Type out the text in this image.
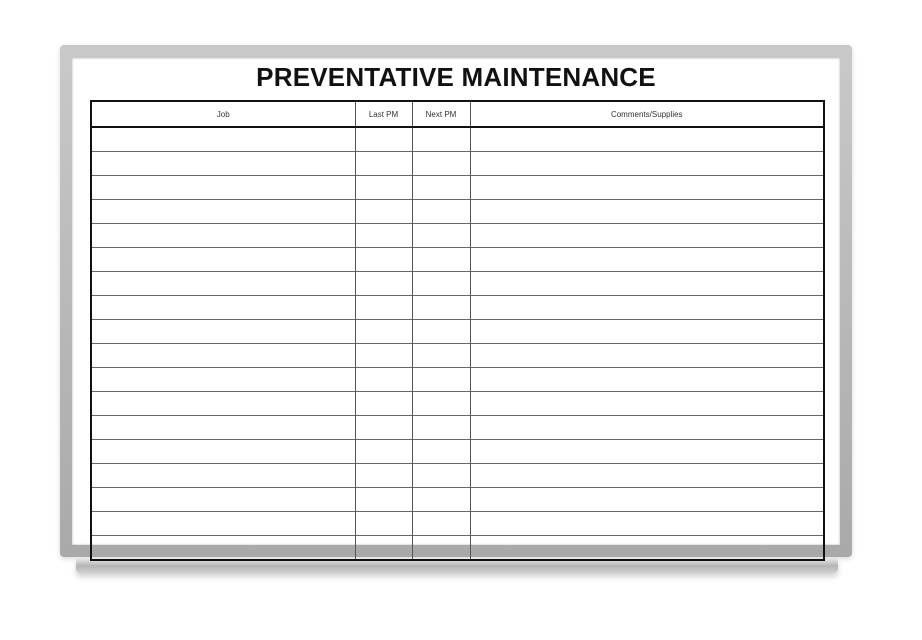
PREVENTATIVE MAINTENANCE
Job	Last PM	Next PM	Comments/Supplies
